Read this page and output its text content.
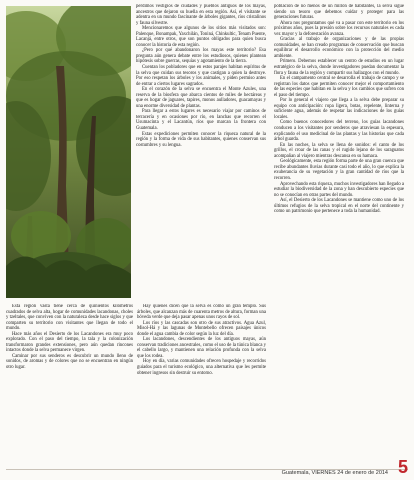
perdimos vestigios de ciudades y pueblos antiguos de los mayas, ancestros que dejaron su huella en esta región. Así, el visitante se adentra en un mundo fascinante de árboles gigantes, ríos cristalinos y fauna silvestre.

Mencionaremos que algunos de los sitios más visitados son: Palenque, Bonampak, Yaxchilán, Toniná, Chinkultic, Tenam Puente, Lacanjá, entre otros, que son puntos obligados para quien busca conocer la historia de esta región.

¿Pero por qué abandonaron los mayas este territorio? Esa pregunta aún genera debate entre los estudiosos, quienes plantean hipótesis sobre guerras, sequías y agotamiento de la tierra.

Cuentan los pobladores que en estos parajes habitan espíritus de la selva que cuidan sus tesoros y que castigan a quien la destruye. Por eso respetan los árboles y los animales, y piden permiso antes de entrar a ciertos lugares sagrados.

En el corazón de la selva se encuentra el Monte Azules, una reserva de la biosfera que abarca cientos de miles de hectáreas y que es hogar de jaguares, tapires, monos aulladores, guacamayas y una enorme diversidad de plantas.

Para llegar a estos lugares es necesario viajar por caminos de terracería y en ocasiones por río, en lanchas que recorren el Usumacinta y el Lacantún, ríos que marcan la frontera con Guatemala.

Estas expediciones permiten conocer la riqueza natural de la región y la forma de vida de sus habitantes, quienes conservan sus costumbres y su lengua.

Esta región vasta tiene cerca de quinientos kilómetros cuadrados de selva alta, hogar de comunidades lacandonas, choles y tzeltales, que conviven con la naturaleza desde hace siglos y que comparten su territorio con visitantes que llegan de todo el mundo.

Hace más años el Desierto de los Lacandones era muy poco explorado. Con el paso del tiempo, la tala y la colonización transformaron grandes extensiones, pero aún quedan rincones intactos donde la selva permanece virgen.

Caminar por sus senderos es descubrir un mundo lleno de sonidos, de aromas y de colores que no se encuentran en ningún otro lugar.

Hay quienes dicen que la selva es como un gran templo. Sus árboles, que alcanzan más de cuarenta metros de altura, forman una bóveda verde que deja pasar apenas unos rayos de sol.

Los ríos y las cascadas son otro de sus atractivos. Agua Azul, Misol-Há y las lagunas de Montebello ofrecen paisajes únicos donde el agua cambia de color según la luz del día.

Los lacandones, descendientes de los antiguos mayas, aún conservan tradiciones ancestrales, como el uso de la túnica blanca y el cabello largo, y mantienen una relación profunda con la selva que los rodea.

Hoy en día, varias comunidades ofrecen hospedaje y recorridos guiados para el turismo ecológico, una alternativa que les permite obtener ingresos sin destruir su entorno.

población de no menos de un millón de habitantes, la selva sigue siendo un tesoro que debemos cuidar y proteger para las generaciones futuras.

Ahora nos preguntamos qué va a pasar con este territorio en los próximos años, pues la presión sobre los recursos naturales es cada vez mayor y la deforestación avanza.

Gracias al trabajo de organizaciones y de las propias comunidades, se han creado programas de conservación que buscan equilibrar el desarrollo económico con la protección del medio ambiente.

Primero. Debemos establecer un centro de estudios en un lugar estratégico de la selva, donde investigadores puedan documentar la flora y fauna de la región y compartir sus hallazgos con el mundo.

En el campamento central se desarrolla el trabajo de campo y se registran los datos que permiten conocer mejor el comportamiento de las especies que habitan en la selva y los cambios que sufren con el paso del tiempo.

Por lo general el viajero que llega a la selva debe preparar su equipo con anticipación: ropa ligera, botas, repelente, linterna y suficiente agua, además de respetar las indicaciones de los guías locales.

Como buenos conocedores del terreno, los guías lacandones conducen a los visitantes por senderos que atraviesan la espesura, explicando el uso medicinal de las plantas y las historias que cada árbol guarda.

En las noches, la selva se llena de sonidos: el canto de los grillos, el croar de las ranas y el rugido lejano de los saraguatos acompañan al viajero mientras descansa en su hamaca.

Geológicamente, esta región forma parte de una gran cuenca que recibe abundantes lluvias durante casi todo el año, lo que explica la exuberancia de su vegetación y la gran cantidad de ríos que la recorren.

Aprovechando esta riqueza, muchos investigadores han llegado a estudiar la biodiversidad de la zona y han descubierto especies que no se conocían en otras partes del mundo.

Así, el Desierto de los Lacandones se mantiene como uno de los últimos refugios de la selva tropical en el norte del continente y como un patrimonio que pertenece a toda la humanidad.

Guatemala, VIERNES 24 de enero de 2014 5
